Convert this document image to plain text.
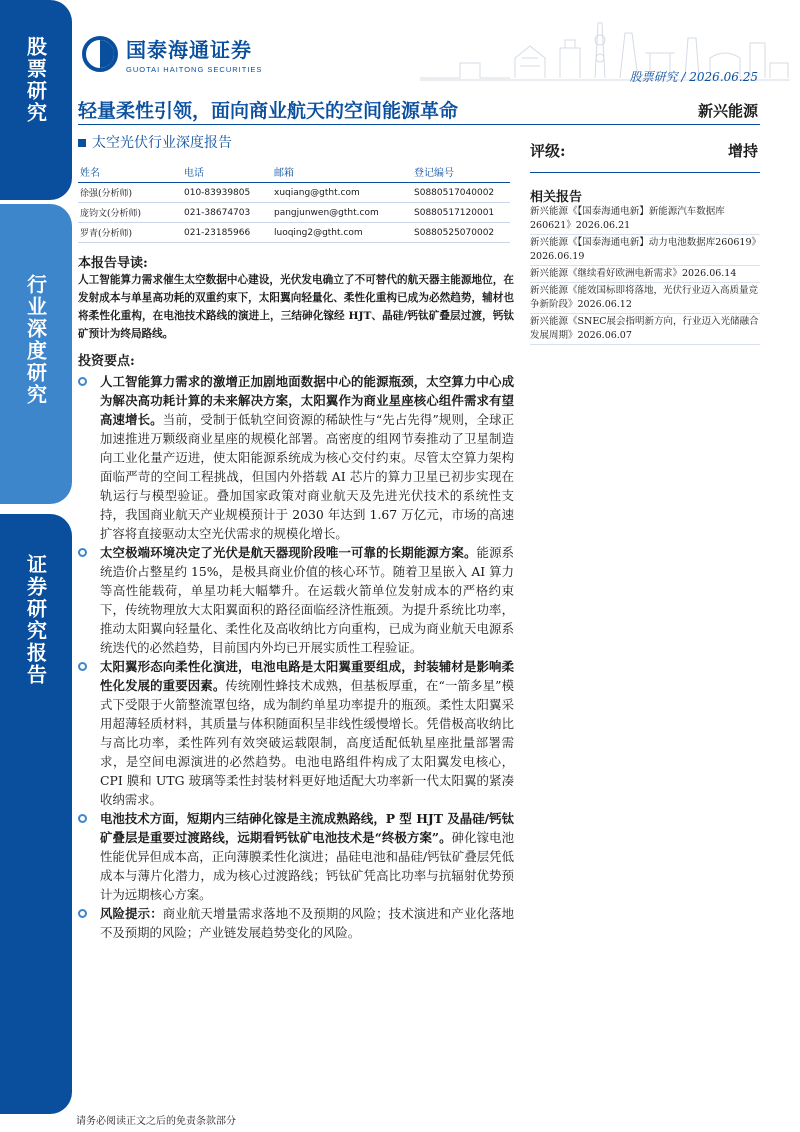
股票研究
行业深度研究
证券研究报告
国泰海通证券
GUOTAI HAITONG SECURITIES
股票研究 / 2026.06.25
轻量柔性引领，面向商业航天的空间能源革命	新兴能源
太空光伏行业深度报告
姓名	电话	邮箱	登记编号
徐强(分析师)	010-83939805	xuqiang@gtht.com	S0880517040002
庞钧文(分析师)	021-38674703	pangjunwen@gtht.com	S0880517120001
罗青(分析师)	021-23185966	luoqing2@gtht.com	S0880525070002
评级:	增持
相关报告
新兴能源《【国泰海通电新】新能源汽车数据库260621》2026.06.21
新兴能源《【国泰海通电新】动力电池数据库260619》2026.06.19
新兴能源《继续看好欧洲电新需求》2026.06.14
新兴能源《能效国标即将落地，光伏行业迈入高质量竞争新阶段》2026.06.12
新兴能源《SNEC展会指明新方向，行业迈入光储融合发展周期》2026.06.07
本报告导读:
人工智能算力需求催生太空数据中心建设，光伏发电确立了不可替代的航天器主能源地位，在发射成本与单星高功耗的双重约束下，太阳翼向轻量化、柔性化重构已成为必然趋势，辅材也将柔性化重构，在电池技术路线的演进上，三结砷化镓经 HJT、晶硅/钙钛矿叠层过渡，钙钛矿预计为终局路线。
投资要点:
人工智能算力需求的激增正加剧地面数据中心的能源瓶颈，太空算力中心成为解决高功耗计算的未来解决方案，太阳翼作为商业星座核心组件需求有望高速增长。当前，受制于低轨空间资源的稀缺性与“先占先得”规则，全球正加速推进万颗级商业星座的规模化部署。高密度的组网节奏推动了卫星制造向工业化量产迈进，使太阳能源系统成为核心交付约束。尽管太空算力架构面临严苛的空间工程挑战，但国内外搭载 AI 芯片的算力卫星已初步实现在轨运行与模型验证。叠加国家政策对商业航天及先进光伏技术的系统性支持，我国商业航天产业规模预计于 2030 年达到 1.67 万亿元，市场的高速扩容将直接驱动太空光伏需求的规模化增长。
太空极端环境决定了光伏是航天器现阶段唯一可靠的长期能源方案。能源系统造价占整星约 15%，是极具商业价值的核心环节。随着卫星嵌入 AI 算力等高性能载荷，单星功耗大幅攀升。在运载火箭单位发射成本的严格约束下，传统物理放大太阳翼面积的路径面临经济性瓶颈。为提升系统比功率，推动太阳翼向轻量化、柔性化及高收纳比方向重构，已成为商业航天电源系统迭代的必然趋势，目前国内外均已开展实质性工程验证。
太阳翼形态向柔性化演进，电池电路是太阳翼重要组成，封装辅材是影响柔性化发展的重要因素。传统刚性蜂技术成熟，但基板厚重，在“一箭多星”模式下受限于火箭整流罩包络，成为制约单星功率提升的瓶颈。柔性太阳翼采用超薄轻质材料，其质量与体积随面积呈非线性缓慢增长。凭借极高收纳比与高比功率，柔性阵列有效突破运载限制，高度适配低轨星座批量部署需求，是空间电源演进的必然趋势。电池电路组件构成了太阳翼发电核心，CPI 膜和 UTG 玻璃等柔性封装材料更好地适配大功率新一代太阳翼的紧凑收纳需求。
电池技术方面，短期内三结砷化镓是主流成熟路线，P 型 HJT 及晶硅/钙钛矿叠层是重要过渡路线，远期看钙钛矿电池技术是“终极方案”。砷化镓电池性能优异但成本高，正向薄膜柔性化演进；晶硅电池和晶硅/钙钛矿叠层凭低成本与薄片化潜力，成为核心过渡路线；钙钛矿凭高比功率与抗辐射优势预计为远期核心方案。
风险提示：商业航天增量需求落地不及预期的风险；技术演进和产业化落地不及预期的风险；产业链发展趋势变化的风险。
请务必阅读正文之后的免责条款部分
